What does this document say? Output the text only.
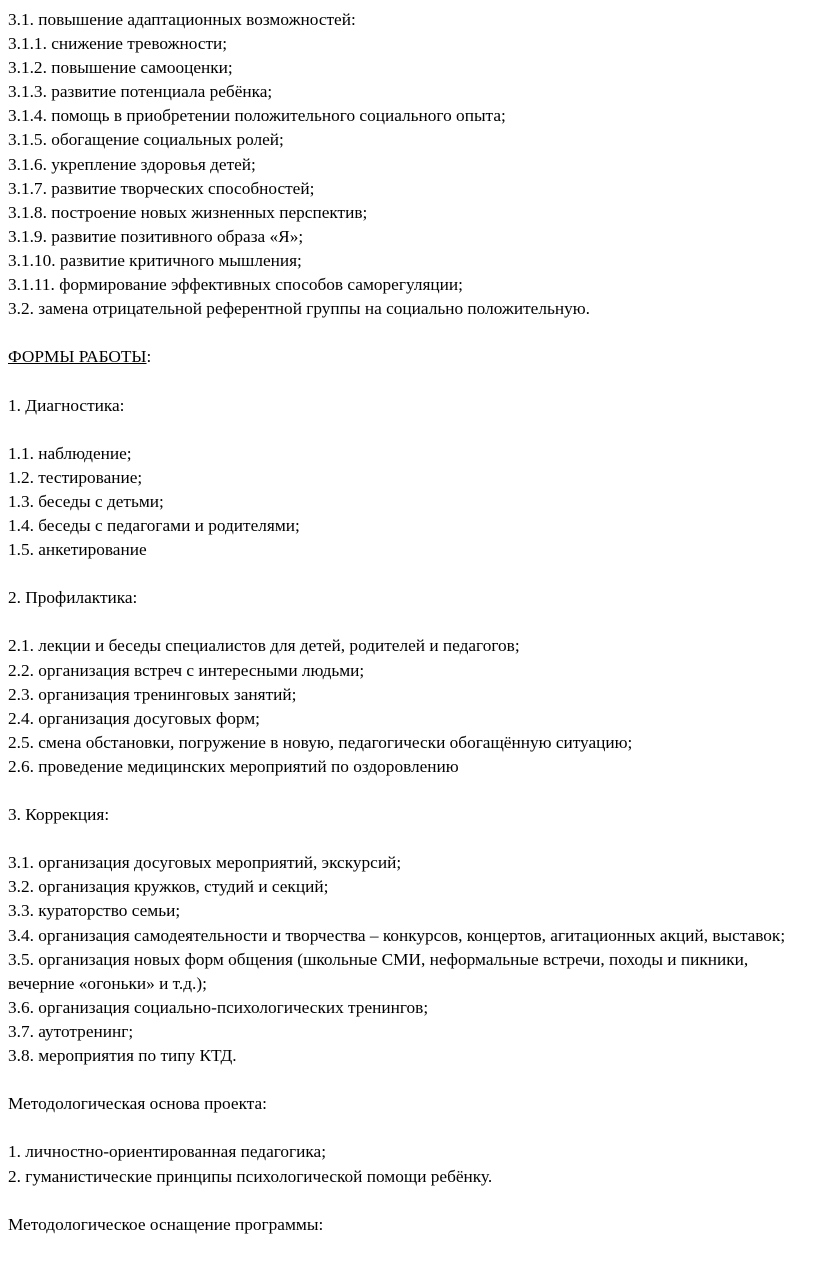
3.1. повышение адаптационных возможностей:
3.1.1. снижение тревожности;
3.1.2. повышение самооценки;
3.1.3. развитие потенциала ребёнка;
3.1.4. помощь в приобретении положительного социального опыта;
3.1.5. обогащение социальных ролей;
3.1.6. укрепление здоровья детей;
3.1.7. развитие творческих способностей;
3.1.8. построение новых жизненных перспектив;
3.1.9. развитие позитивного образа «Я»;
3.1.10. развитие критичного мышления;
3.1.11. формирование эффективных способов саморегуляции;
3.2. замена отрицательной референтной группы на социально положительную.
ФОРМЫ РАБОТЫ:
1. Диагностика:
1.1. наблюдение;
1.2. тестирование;
1.3. беседы с детьми;
1.4. беседы с педагогами и родителями;
1.5. анкетирование
2. Профилактика:
2.1. лекции и беседы специалистов для детей, родителей и педагогов;
2.2. организация встреч с интересными людьми;
2.3. организация тренинговых занятий;
2.4. организация досуговых форм;
2.5. смена обстановки, погружение в новую, педагогически обогащённую ситуацию;
2.6. проведение медицинских мероприятий по оздоровлению
3. Коррекция:
3.1. организация досуговых мероприятий, экскурсий;
3.2. организация кружков, студий и секций;
3.3. кураторство семьи;
3.4. организация самодеятельности и творчества – конкурсов, концертов, агитационных акций, выставок;
3.5. организация новых форм общения (школьные СМИ, неформальные встречи, походы и пикники, вечерние «огоньки» и т.д.);
3.6. организация социально-психологических тренингов;
3.7. аутотренинг;
3.8. мероприятия по типу КТД.
Методологическая основа проекта:
1. личностно-ориентированная педагогика;
2. гуманистические принципы психологической помощи ребёнку.
Методологическое оснащение программы:
